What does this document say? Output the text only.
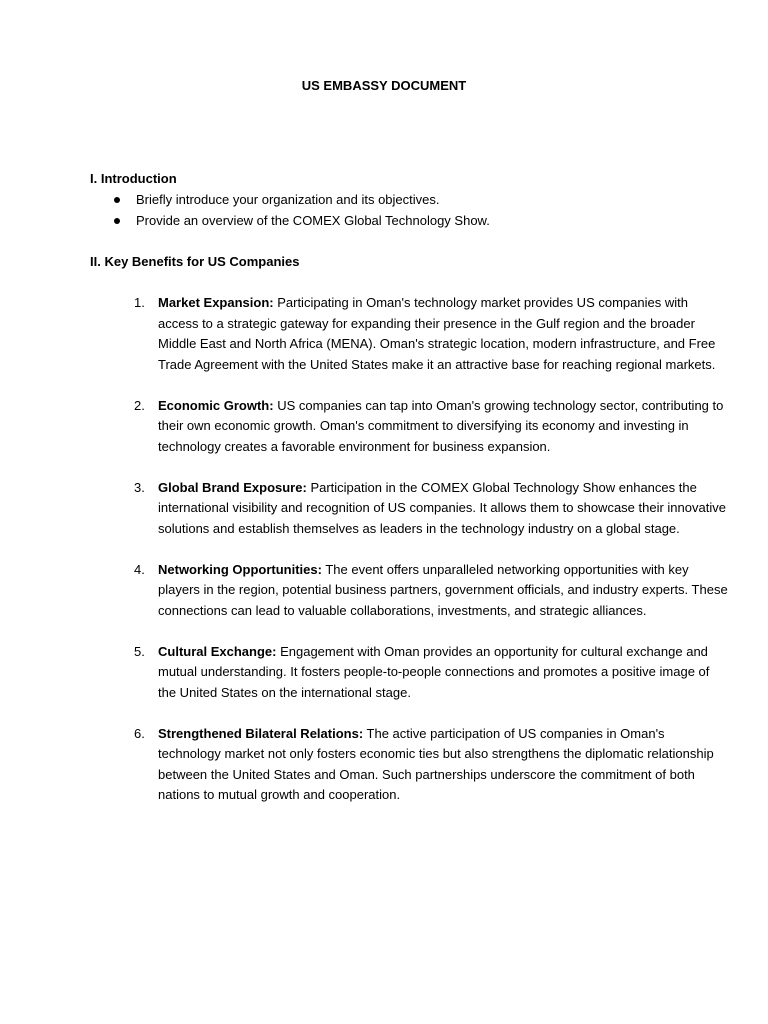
US EMBASSY DOCUMENT
I. Introduction
Briefly introduce your organization and its objectives.
Provide an overview of the COMEX Global Technology Show.
II. Key Benefits for US Companies
1. Market Expansion: Participating in Oman's technology market provides US companies with access to a strategic gateway for expanding their presence in the Gulf region and the broader Middle East and North Africa (MENA). Oman's strategic location, modern infrastructure, and Free Trade Agreement with the United States make it an attractive base for reaching regional markets.
2. Economic Growth: US companies can tap into Oman's growing technology sector, contributing to their own economic growth. Oman's commitment to diversifying its economy and investing in technology creates a favorable environment for business expansion.
3. Global Brand Exposure: Participation in the COMEX Global Technology Show enhances the international visibility and recognition of US companies. It allows them to showcase their innovative solutions and establish themselves as leaders in the technology industry on a global stage.
4. Networking Opportunities: The event offers unparalleled networking opportunities with key players in the region, potential business partners, government officials, and industry experts. These connections can lead to valuable collaborations, investments, and strategic alliances.
5. Cultural Exchange: Engagement with Oman provides an opportunity for cultural exchange and mutual understanding. It fosters people-to-people connections and promotes a positive image of the United States on the international stage.
6. Strengthened Bilateral Relations: The active participation of US companies in Oman's technology market not only fosters economic ties but also strengthens the diplomatic relationship between the United States and Oman. Such partnerships underscore the commitment of both nations to mutual growth and cooperation.
